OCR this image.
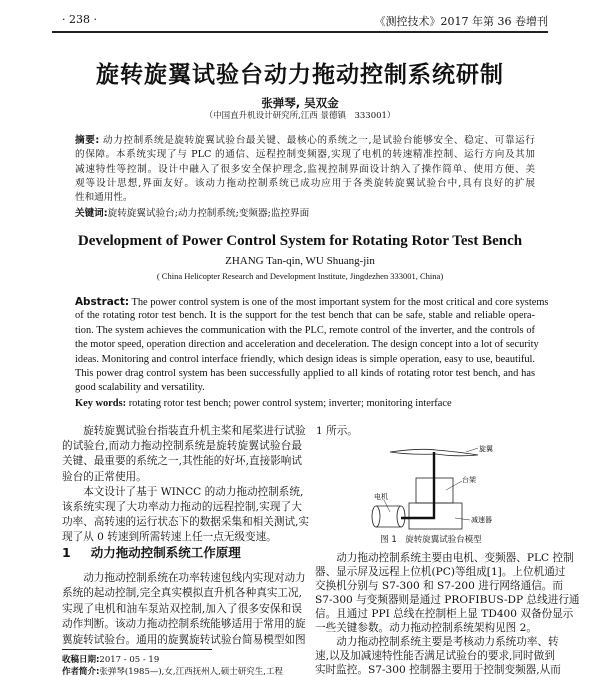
· 238 ·	《测控技术》2017 年第 36 卷增刊
旋转旋翼试验台动力拖动控制系统研制
张弹琴, 吴双金
（中国直升机设计研究所,江西 景德镇　333001）
摘要: 动力控制系统是旋转旋翼试验台最关键、最核心的系统之一,是试验台能够安全、稳定、可靠运行
的保障。本系统实现了与 PLC 的通信、远程控制变频器,实现了电机的转速精准控制、运行方向及其加
减速特性等控制。设计中融入了很多安全保护理念,监视控制界面设计纳入了操作简单、使用方便、美
观等设计思想,界面友好。该动力拖动控制系统已成功应用于各类旋转旋翼试验台中,具有良好的扩展
性和通用性。
关键词:旋转旋翼试验台;动力控制系统;变频器;监控界面
Development of Power Control System for Rotating Rotor Test Bench
ZHANG Tan-qin, WU Shuang-jin
( China Helicopter Research and Development Institute, Jingdezhen 333001, China)
Abstract: The power control system is one of the most important system for the most critical and core systems
of the rotating rotor test bench. It is the support for the test bench that can be safe, stable and reliable opera-
tion. The system achieves the communication with the PLC, remote control of the inverter, and the controls of
the motor speed, operation direction and acceleration and deceleration. The design concept into a lot of security
ideas. Monitoring and control interface friendly, which design ideas is simple operation, easy to use, beautiful.
This power drag control system has been successfully applied to all kinds of rotating rotor test bench, and has
good scalability and versatility.
Key words: rotating rotor test bench; power control system; inverter; monitoring interface
旋转旋翼试验台指装直升机主桨和尾桨进行试验
的试验台,而动力拖动控制系统是旋转旋翼试验台最
关键、最重要的系统之一,其性能的好坏,直接影响试
验台的正常使用。
本文设计了基于 WINCC 的动力拖动控制系统,
该系统实现了大功率动力拖动的远程控制,实现了大
功率、高转速的运行状态下的数据采集和相关测试,实
现了从 0 转速到所需转速上任一点无级变速。
1 动力拖动控制系统工作原理
动力拖动控制系统在功率转速包线内实现对动力
系统的起动控制,完全真实模拟直升机各种真实工况,
实现了电机和油车泵站双控制,加入了很多安保和误
动作判断。该动力拖动控制系统能够适用于常用的旋
翼旋转试验台。通用的旋翼旋转试验台简易模型如图
收稿日期:2017 - 05 - 19
作者简介:张弹琴(1985—),女,江西抚州人,硕士研究生,工程
1 所示。
旋翼
台架
电机
减速器
图 1　旋转旋翼试验台模型
动力拖动控制系统主要由电机、变频器、PLC 控制
器、显示屏及远程上位机(PC)等组成[1]。上位机通过
交换机分别与 S7-300 和 S7-200 进行网络通信。而
S7-300 与变频器则是通过 PROFIBUS-DP 总线进行通
信。且通过 PPI 总线在控制柜上显 TD400 双备份显示
一些关键参数。动力拖动控制系统架构见图 2。
动力拖动控制系统主要是考核动力系统功率、转
速,以及加减速特性能否满足试验台的要求,同时做到
实时监控。S7-300 控制器主要用于控制变频器,从而
